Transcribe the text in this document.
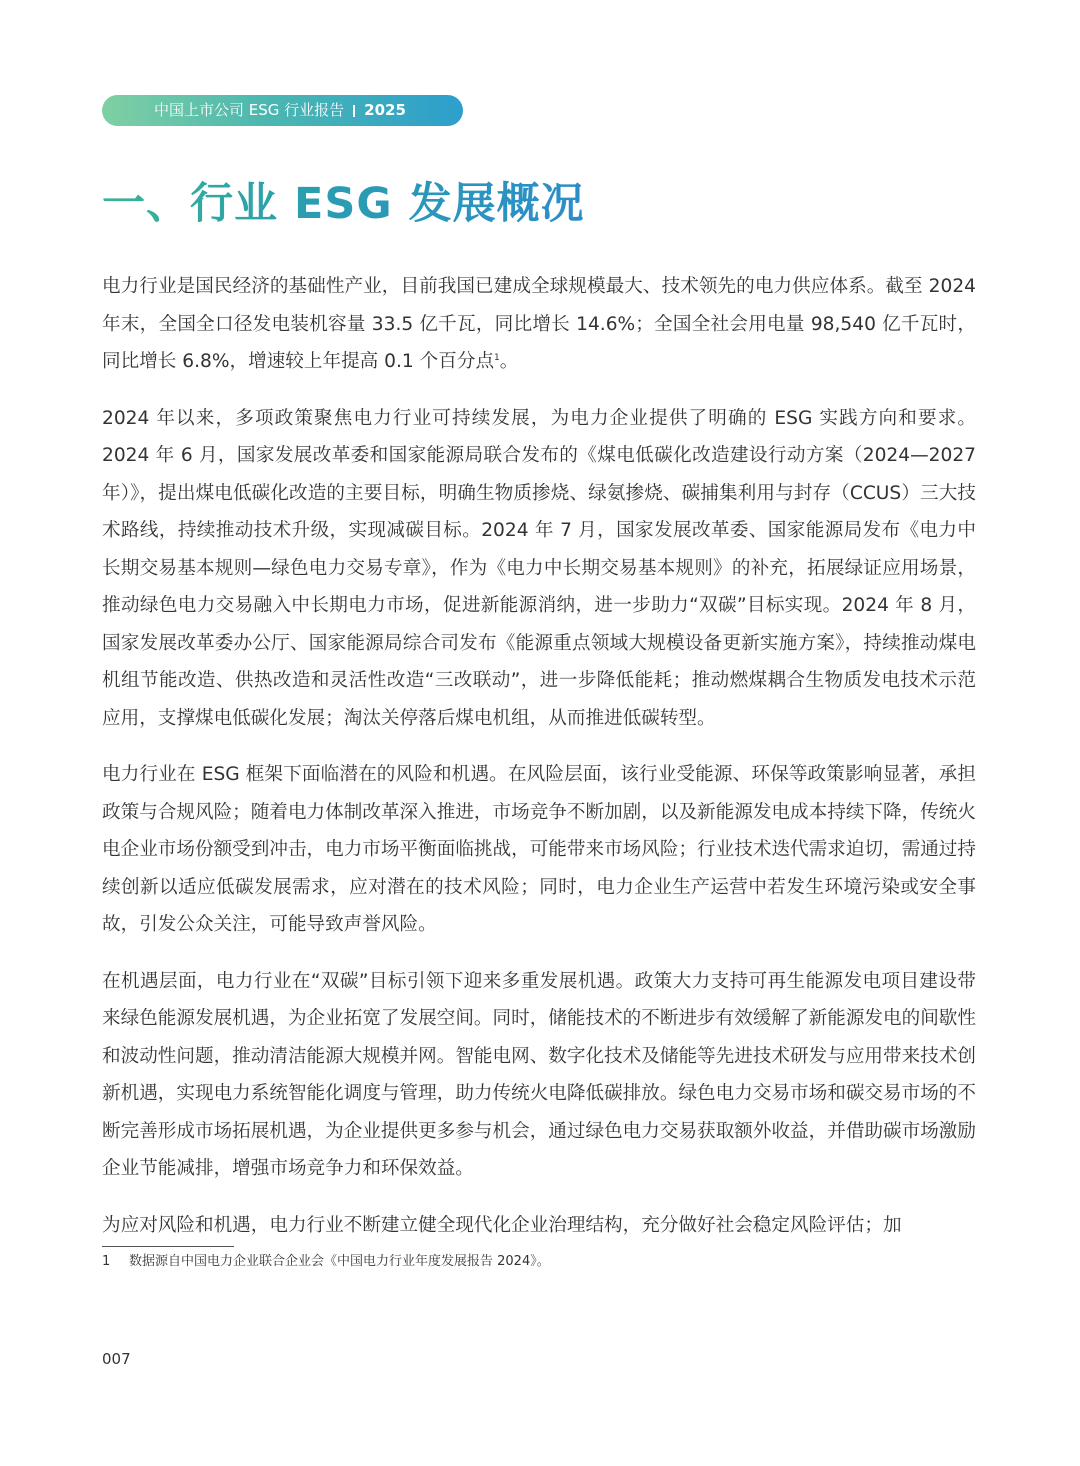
中国上市公司 ESG 行业报告 2025
一、行业 ESG 发展概况

电力行业是国民经济的基础性产业，目前我国已建成全球规模最大、技术领先的电力供应体系。截至 2024 年末，全国全口径发电装机容量 33.5 亿千瓦，同比增长 14.6%；全国全社会用电量 98,540 亿千瓦时，同比增长 6.8%，增速较上年提高 0.1 个百分点$^1$。

2024 年以来，多项政策聚焦电力行业可持续发展，为电力企业提供了明确的 ESG 实践方向和要求。2024 年 6 月，国家发展改革委和国家能源局联合发布的《煤电低碳化改造建设行动方案（2024—2027 年）》，提出煤电低碳化改造的主要目标，明确生物质掺烧、绿氨掺烧、碳捕集利用与封存（CCUS）三大技术路线，持续推动技术升级，实现减碳目标。2024 年 7 月，国家发展改革委、国家能源局发布《电力中长期交易基本规则—绿色电力交易专章》，作为《电力中长期交易基本规则》的补充，拓展绿证应用场景，推动绿色电力交易融入中长期电力市场，促进新能源消纳，进一步助力“双碳”目标实现。2024 年 8 月，国家发展改革委办公厅、国家能源局综合司发布《能源重点领域大规模设备更新实施方案》，持续推动煤电机组节能改造、供热改造和灵活性改造“三改联动”，进一步降低能耗；推动燃煤耦合生物质发电技术示范应用，支撑煤电低碳化发展；淘汰关停落后煤电机组，从而推进低碳转型。

电力行业在 ESG 框架下面临潜在的风险和机遇。在风险层面，该行业受能源、环保等政策影响显著，承担政策与合规风险；随着电力体制改革深入推进，市场竞争不断加剧，以及新能源发电成本持续下降，传统火电企业市场份额受到冲击，电力市场平衡面临挑战，可能带来市场风险；行业技术迭代需求迫切，需通过持续创新以适应低碳发展需求，应对潜在的技术风险；同时，电力企业生产运营中若发生环境污染或安全事故，引发公众关注，可能导致声誉风险。

在机遇层面，电力行业在“双碳”目标引领下迎来多重发展机遇。政策大力支持可再生能源发电项目建设带来绿色能源发展机遇，为企业拓宽了发展空间。同时，储能技术的不断进步有效缓解了新能源发电的间歇性和波动性问题，推动清洁能源大规模并网。智能电网、数字化技术及储能等先进技术研发与应用带来技术创新机遇，实现电力系统智能化调度与管理，助力传统火电降低碳排放。绿色电力交易市场和碳交易市场的不断完善形成市场拓展机遇，为企业提供更多参与机会，通过绿色电力交易获取额外收益，并借助碳市场激励企业节能减排，增强市场竞争力和环保效益。

为应对风险和机遇，电力行业不断建立健全现代化企业治理结构，充分做好社会稳定风险评估；加

1 数据源自中国电力企业联合企业会《中国电力行业年度发展报告 2024》。
007
